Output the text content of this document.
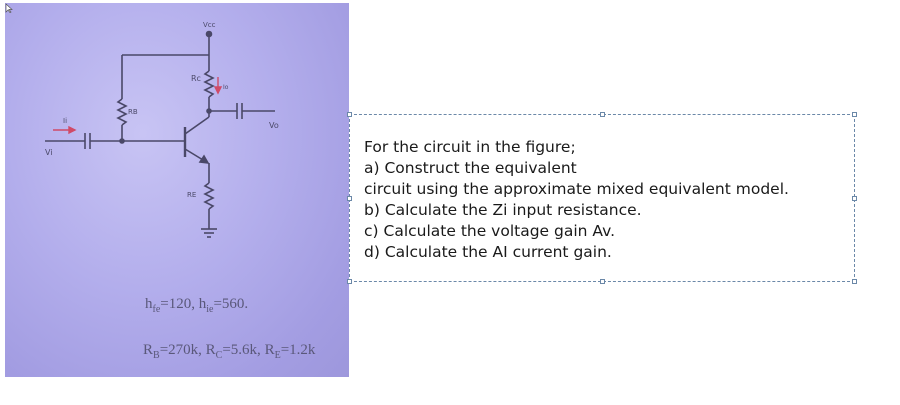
Vcc
Rc
RB
RE
Vi
Vo
Ii
Io
$h_{fe}=120$, $h_{ie}=560$.
$R_B=270k$, $R_C=5.6k$, $R_E=1.2k$
For the circuit in the figure;
a) Construct the equivalent
circuit using the approximate mixed equivalent model.
b) Calculate the Zi input resistance.
c) Calculate the voltage gain Av.
d) Calculate the AI current gain.
